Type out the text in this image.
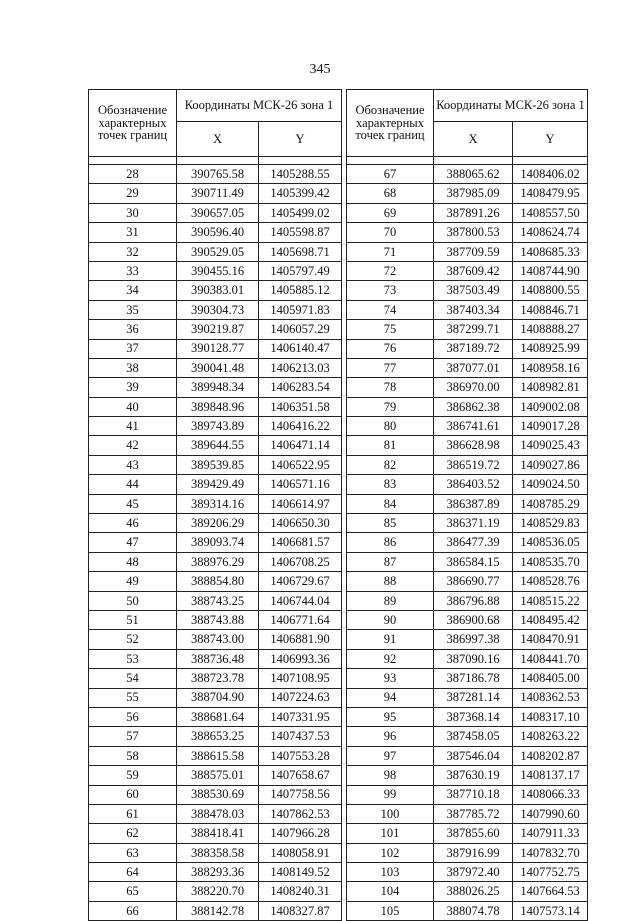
345
Обозначение характерных точек границ	Координаты МСК-26 зона 1	
	X	Y

28	390765.58	1405288.55
29	390711.49	1405399.42
30	390657.05	1405499.02
31	390596.40	1405598.87
32	390529.05	1405698.71
33	390455.16	1405797.49
34	390383.01	1405885.12
35	390304.73	1405971.83
36	390219.87	1406057.29
37	390128.77	1406140.47
38	390041.48	1406213.03
39	389948.34	1406283.54
40	389848.96	1406351.58
41	389743.89	1406416.22
42	389644.55	1406471.14
43	389539.85	1406522.95
44	389429.49	1406571.16
45	389314.16	1406614.97
46	389206.29	1406650.30
47	389093.74	1406681.57
48	388976.29	1406708.25
49	388854.80	1406729.67
50	388743.25	1406744.04
51	388743.88	1406771.64
52	388743.00	1406881.90
53	388736.48	1406993.36
54	388723.78	1407108.95
55	388704.90	1407224.63
56	388681.64	1407331.95
57	388653.25	1407437.53
58	388615.58	1407553.28
59	388575.01	1407658.67
60	388530.69	1407758.56
61	388478.03	1407862.53
62	388418.41	1407966.28
63	388358.58	1408058.91
64	388293.36	1408149.52
65	388220.70	1408240.31
66	388142.78	1408327.87
Обозначение характерных точек границ	Координаты МСК-26 зона 1	
	X	Y

67	388065.62	1408406.02
68	387985.09	1408479.95
69	387891.26	1408557.50
70	387800.53	1408624.74
71	387709.59	1408685.33
72	387609.42	1408744.90
73	387503.49	1408800.55
74	387403.34	1408846.71
75	387299.71	1408888.27
76	387189.72	1408925.99
77	387077.01	1408958.16
78	386970.00	1408982.81
79	386862.38	1409002.08
80	386741.61	1409017.28
81	386628.98	1409025.43
82	386519.72	1409027.86
83	386403.52	1409024.50
84	386387.89	1408785.29
85	386371.19	1408529.83
86	386477.39	1408536.05
87	386584.15	1408535.70
88	386690.77	1408528.76
89	386796.88	1408515.22
90	386900.68	1408495.42
91	386997.38	1408470.91
92	387090.16	1408441.70
93	387186.78	1408405.00
94	387281.14	1408362.53
95	387368.14	1408317.10
96	387458.05	1408263.22
97	387546.04	1408202.87
98	387630.19	1408137.17
99	387710.18	1408066.33
100	387785.72	1407990.60
101	387855.60	1407911.33
102	387916.99	1407832.70
103	387972.40	1407752.75
104	388026.25	1407664.53
105	388074.78	1407573.14
